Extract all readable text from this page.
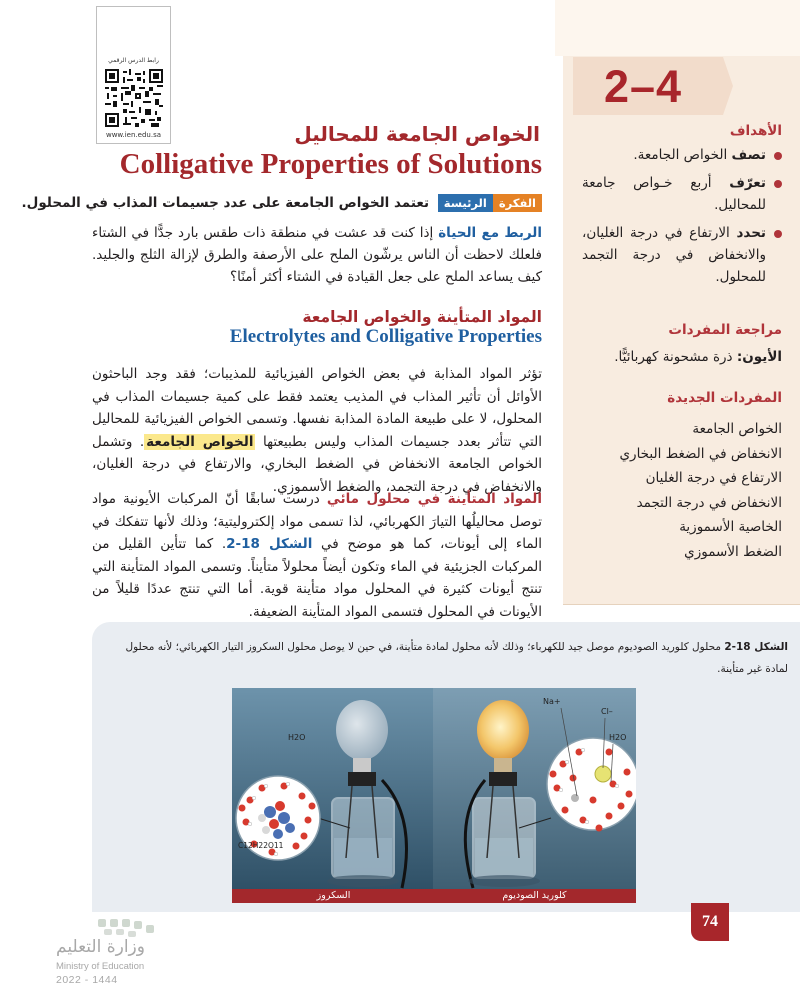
رابط الدرس الرقمي
www.ien.edu.sa
2–4
الأهداف
تصف الخواص الجامعة.
تعرّف أربع خـواص جامعة للمحاليل.
تحدد الارتفاع في درجة الغليان، والانخفاض في درجة التجمد للمحلول.
مراجعة المفردات
الأيون: ذرة مشحونة كهربائيًّا.
المفردات الجديدة
الخواص الجامعة
الانخفاض في الضغط البخاري
الارتفاع في درجة الغليان
الانخفاض في درجة التجمد
الخاصية الأسموزية
الضغط الأسموزي
الخواص الجامعة للمحاليل
Colligative Properties of Solutions
الفكرةالرئيسة تعتمد الخواص الجامعة على عدد جسيمات المذاب في المحلول.

الربط مع الحياة إذا كنت قد عشت في منطقة ذات طقس بارد جدًّا في الشتاء فلعلك لاحظت أن الناس يرشّون الملح على الأرصفة والطرق لإزالة الثلج والجليد. كيف يساعد الملح على جعل القيادة في الشتاء أكثر أمنًا؟

المواد المتأينة والخواص الجامعة
Electrolytes and Colligative Properties

تؤثر المواد المذابة في بعض الخواص الفيزيائية للمذيبات؛ فقد وجد الباحثون الأوائل أن تأثير المذاب في المذيب يعتمد فقط على كمية جسيمات المذاب في المحلول، لا على طبيعة المادة المذابة نفسها. وتسمى الخواص الفيزيائية للمحاليل التي تتأثر بعدد جسيمات المذاب وليس بطبيعتها الخواص الجامعة. وتشمل الخواص الجامعة الانخفاض في الضغط البخاري، والارتفاع في درجة الغليان، والانخفاض في درجة التجمد، والضغط الأسموزي.

المواد المتأينة في محلول مائي درست سابقًا أنّ المركبات الأيونية مواد توصل محاليلُها التيارَ الكهربائي، لذا تسمى مواد إلكتروليتية؛ وذلك لأنها تتفكك في الماء إلى أيونات، كما هو موضح في الشكل 18-2. كما تتأين القليل من المركبات الجزيئية في الماء وتكون أيضاً محلولاً متأيناً. وتسمى المواد المتأينة التي تنتج أيونات كثيرة في المحلول مواد متأينة قوية. أما التي تنتج عددًا قليلاً من الأيونات في المحلول فتسمى المواد المتأينة الضعيفة.

الشكل 18-2 محلول كلوريد الصوديوم موصل جيد للكهرباء؛ وذلك لأنه محلول لمادة متأينة، في حين لا يوصل محلول السكروز التيار الكهربائي؛ لأنه محلول لمادة غير متأينة.
H2O
C12H22O11
السكروز
Na+
Cl–
H2O
كلوريد الصوديوم
وزارة التعليم
Ministry of Education
2022 - 1444
74
